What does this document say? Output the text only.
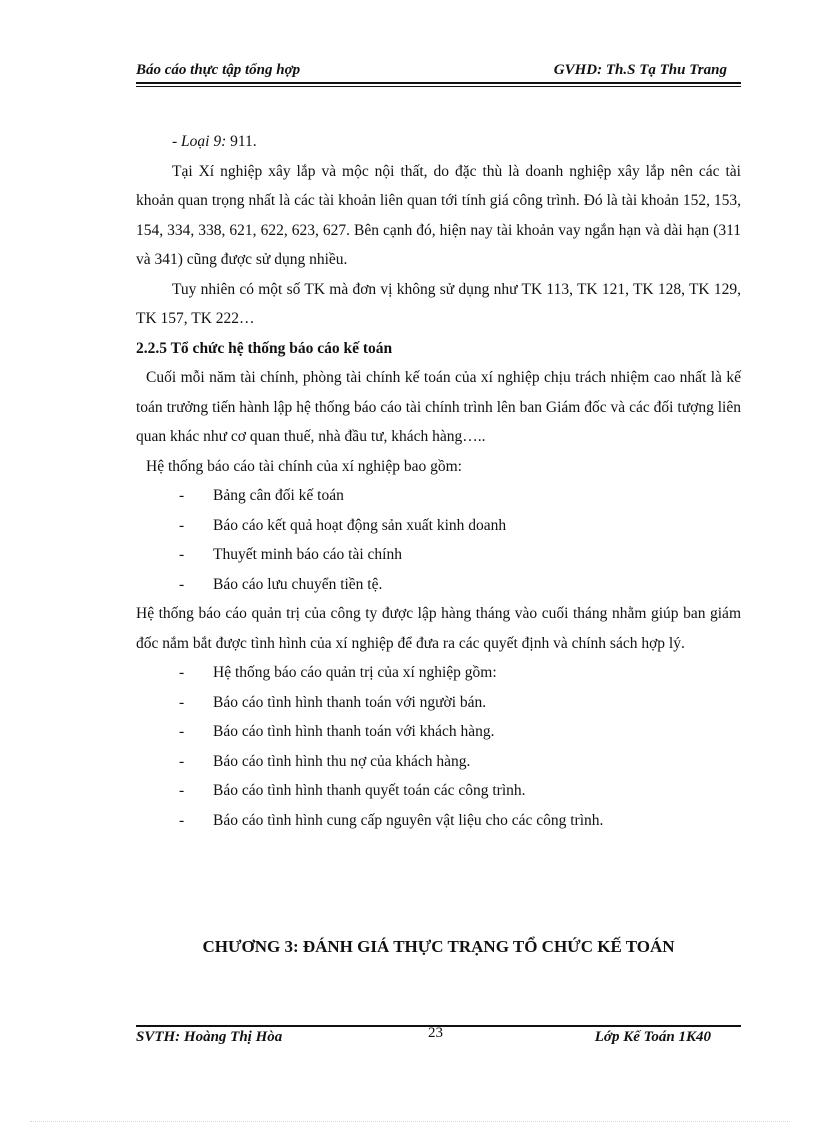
Báo cáo thực tập tổng hợp	GVHD: Th.S Tạ Thu Trang

- Loại 9: 911.

Tại Xí nghiệp xây lắp và mộc nội thất, do đặc thù là doanh nghiệp xây lắp nên các tài khoản quan trọng nhất là các tài khoản liên quan tới tính giá công trình. Đó là tài khoản 152, 153, 154, 334, 338, 621, 622, 623, 627. Bên cạnh đó, hiện nay tài khoản vay ngắn hạn và dài hạn (311 và 341) cũng được sử dụng nhiều.

Tuy nhiên có một số TK mà đơn vị không sử dụng như TK 113, TK 121, TK 128, TK 129, TK 157, TK 222…

2.2.5 Tổ chức hệ thống báo cáo kế toán

Cuối mỗi năm tài chính, phòng tài chính kế toán của xí nghiệp chịu trách nhiệm cao nhất là kế toán trưởng tiến hành lập hệ thống báo cáo tài chính trình lên ban Giám đốc và các đối tượng liên quan khác như cơ quan thuế, nhà đầu tư, khách hàng…..

Hệ thống báo cáo tài chính của xí nghiệp bao gồm:

- Bảng cân đối kế toán
- Báo cáo kết quả hoạt động sản xuất kinh doanh
- Thuyết minh báo cáo tài chính
- Báo cáo lưu chuyển tiền tệ.

Hệ thống báo cáo quản trị của công ty được lập hàng tháng vào cuối tháng nhằm giúp ban giám đốc nắm bắt được tình hình của xí nghiệp để đưa ra các quyết định và chính sách hợp lý.

- Hệ thống báo cáo quản trị của xí nghiệp gồm:
- Báo cáo tình hình thanh toán với người bán.
- Báo cáo tình hình thanh toán với khách hàng.
- Báo cáo tình hình thu nợ của khách hàng.
- Báo cáo tình hình thanh quyết toán các công trình.
- Báo cáo tình hình cung cấp nguyên vật liệu cho các công trình.
CHƯƠNG 3: ĐÁNH GIÁ THỰC TRẠNG TỔ CHỨC KẾ TOÁN
SVTH: Hoàng Thị Hòa	23	Lớp Kế Toán 1K40
